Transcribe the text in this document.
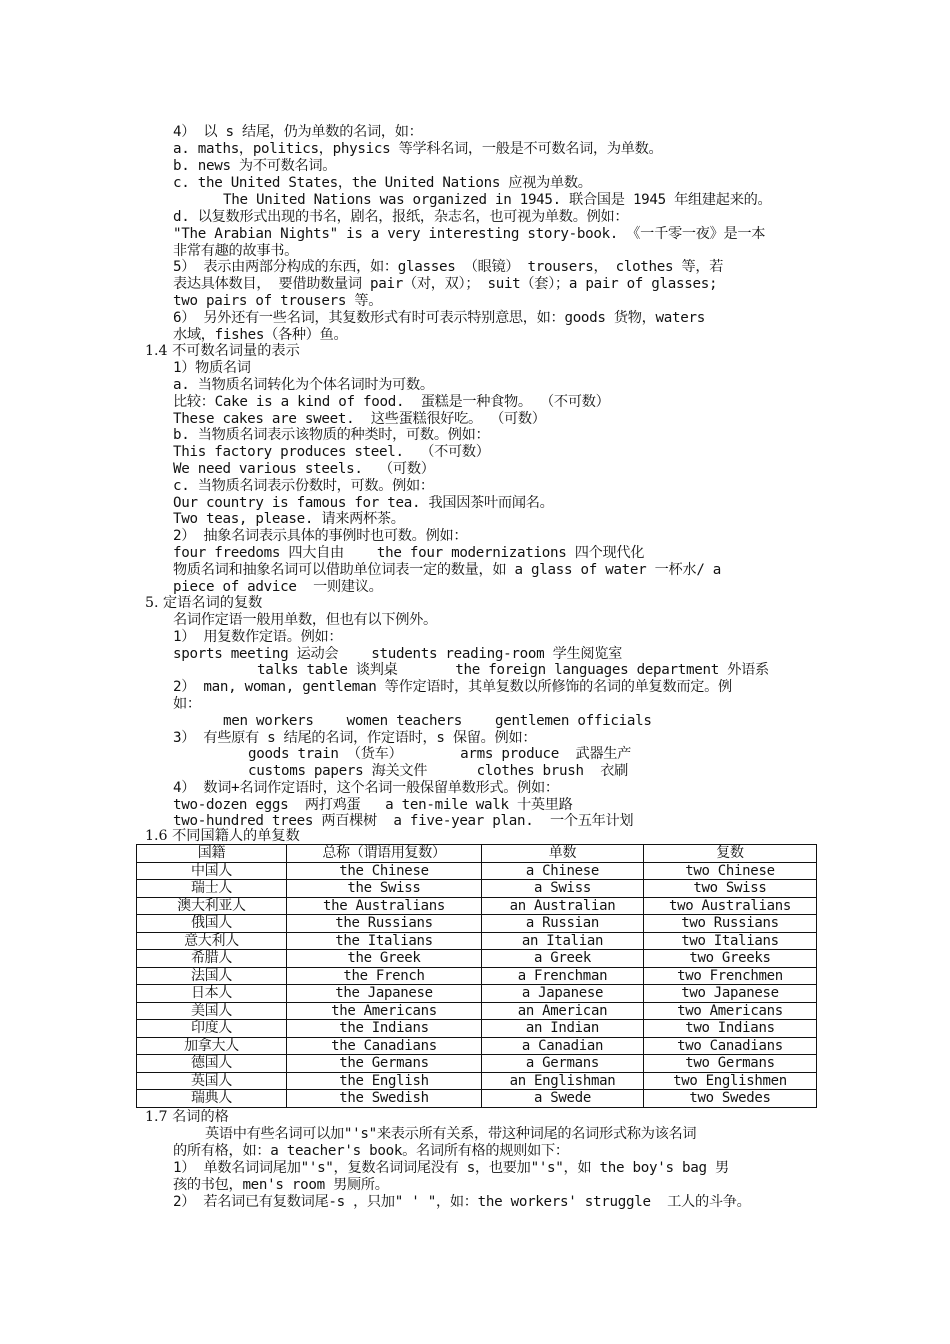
4） 以 s 结尾，仍为单数的名词，如：
a. maths，politics，physics 等学科名词，一般是不可数名词，为单数。
b. news 为不可数名词。
c. the United States，the United Nations 应视为单数。
The United Nations was organized in 1945. 联合国是 1945 年组建起来的。
d. 以复数形式出现的书名，剧名，报纸，杂志名，也可视为单数。例如：
"The Arabian Nights" is a very interesting story-book. 《一千零一夜》是一本
非常有趣的故事书。
5） 表示由两部分构成的东西，如：glasses （眼镜） trousers， clothes 等，若
表达具体数目， 要借助数量词 pair（对，双）； suit（套）；a pair of glasses;
two pairs of trousers 等。
6） 另外还有一些名词，其复数形式有时可表示特别意思，如：goods 货物，waters
水域，fishes（各种）鱼。
1.4 不可数名词量的表示
1）物质名词
a. 当物质名词转化为个体名词时为可数。
比较：Cake is a kind of food.  蛋糕是一种食物。 （不可数）
These cakes are sweet.  这些蛋糕很好吃。 （可数）
b. 当物质名词表示该物质的种类时，可数。例如：
This factory produces steel.  （不可数）
We need various steels.  （可数）
c. 当物质名词表示份数时，可数。例如：
Our country is famous for tea. 我国因茶叶而闻名。
Two teas, please. 请来两杯茶。
2） 抽象名词表示具体的事例时也可数。例如：
four freedoms 四大自由    the four modernizations 四个现代化
物质名词和抽象名词可以借助单位词表一定的数量，如 a glass of water 一杯水/ a
piece of advice  一则建议。
5. 定语名词的复数
名词作定语一般用单数，但也有以下例外。
1） 用复数作定语。例如：
sports meeting 运动会    students reading-room 学生阅览室
talks table 谈判桌       the foreign languages department 外语系
2） man, woman, gentleman 等作定语时，其单复数以所修饰的名词的单复数而定。例
如：
men workers    women teachers    gentlemen officials
3） 有些原有 s 结尾的名词，作定语时，s 保留。例如：
goods train （货车）       arms produce  武器生产
customs papers 海关文件      clothes brush  衣刷
4） 数词+名词作定语时，这个名词一般保留单数形式。例如：
two-dozen eggs  两打鸡蛋   a ten-mile walk 十英里路
two-hundred trees 两百棵树  a five-year plan.  一个五年计划
1.6 不同国籍人的单复数
国籍	总称（谓语用复数）	单数	复数
中国人	the Chinese	a Chinese	two Chinese
瑞士人	the Swiss	a Swiss	two Swiss
澳大利亚人	the Australians	an Australian	two Australians
俄国人	the Russians	a Russian	two Russians
意大利人	the Italians	an Italian	two Italians
希腊人	the Greek	a Greek	two Greeks
法国人	the French	a Frenchman	two Frenchmen
日本人	the Japanese	a Japanese	two Japanese
美国人	the Americans	an American	two Americans
印度人	the Indians	an Indian	two Indians
加拿大人	the Canadians	a Canadian	two Canadians
德国人	the Germans	a Germans	two Germans
英国人	the English	an Englishman	two Englishmen
瑞典人	the Swedish	a Swede	two Swedes
1.7 名词的格
英语中有些名词可以加"'s"来表示所有关系，带这种词尾的名词形式称为该名词
的所有格，如：a teacher's book。名词所有格的规则如下：
1） 单数名词词尾加"'s"，复数名词词尾没有 s，也要加"'s"，如 the boy's bag 男
孩的书包，men's room 男厕所。
2） 若名词已有复数词尾-s ，只加" ' "，如：the workers' struggle  工人的斗争。
